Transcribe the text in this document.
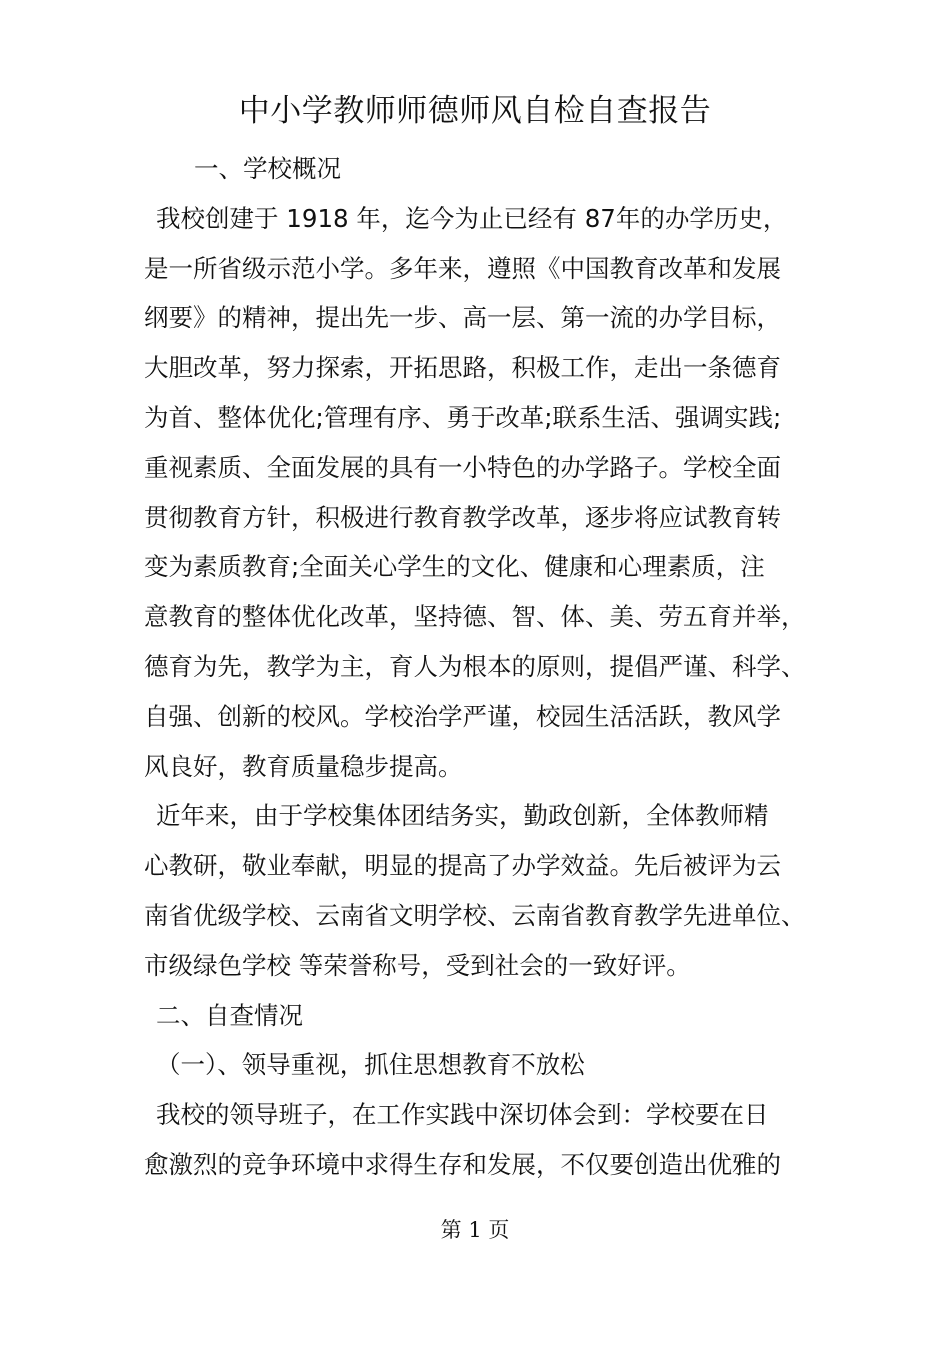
中小学教师师德师风自检自查报告
一、学校概况
我校创建于 1918 年，迄今为止已经有 87年的办学历史，
是一所省级示范小学。多年来，遵照《中国教育改革和发展
纲要》的精神，提出先一步、高一层、第一流的办学目标，
大胆改革，努力探索，开拓思路，积极工作，走出一条德育
为首、整体优化;管理有序、勇于改革;联系生活、强调实践;
重视素质、全面发展的具有一小特色的办学路子。学校全面
贯彻教育方针，积极进行教育教学改革，逐步将应试教育转
变为素质教育;全面关心学生的文化、健康和心理素质，注
意教育的整体优化改革，坚持德、智、体、美、劳五育并举，
德育为先，教学为主，育人为根本的原则，提倡严谨、科学、
自强、创新的校风。学校治学严谨，校园生活活跃，教风学
风良好，教育质量稳步提高。
近年来，由于学校集体团结务实，勤政创新，全体教师精
心教研，敬业奉献，明显的提高了办学效益。先后被评为云
南省优级学校、云南省文明学校、云南省教育教学先进单位、
市级绿色学校 等荣誉称号，受到社会的一致好评。
二、自查情况
（一）、领导重视，抓住思想教育不放松
我校的领导班子，在工作实践中深切体会到：学校要在日
愈激烈的竞争环境中求得生存和发展，不仅要创造出优雅的
第 1 页
